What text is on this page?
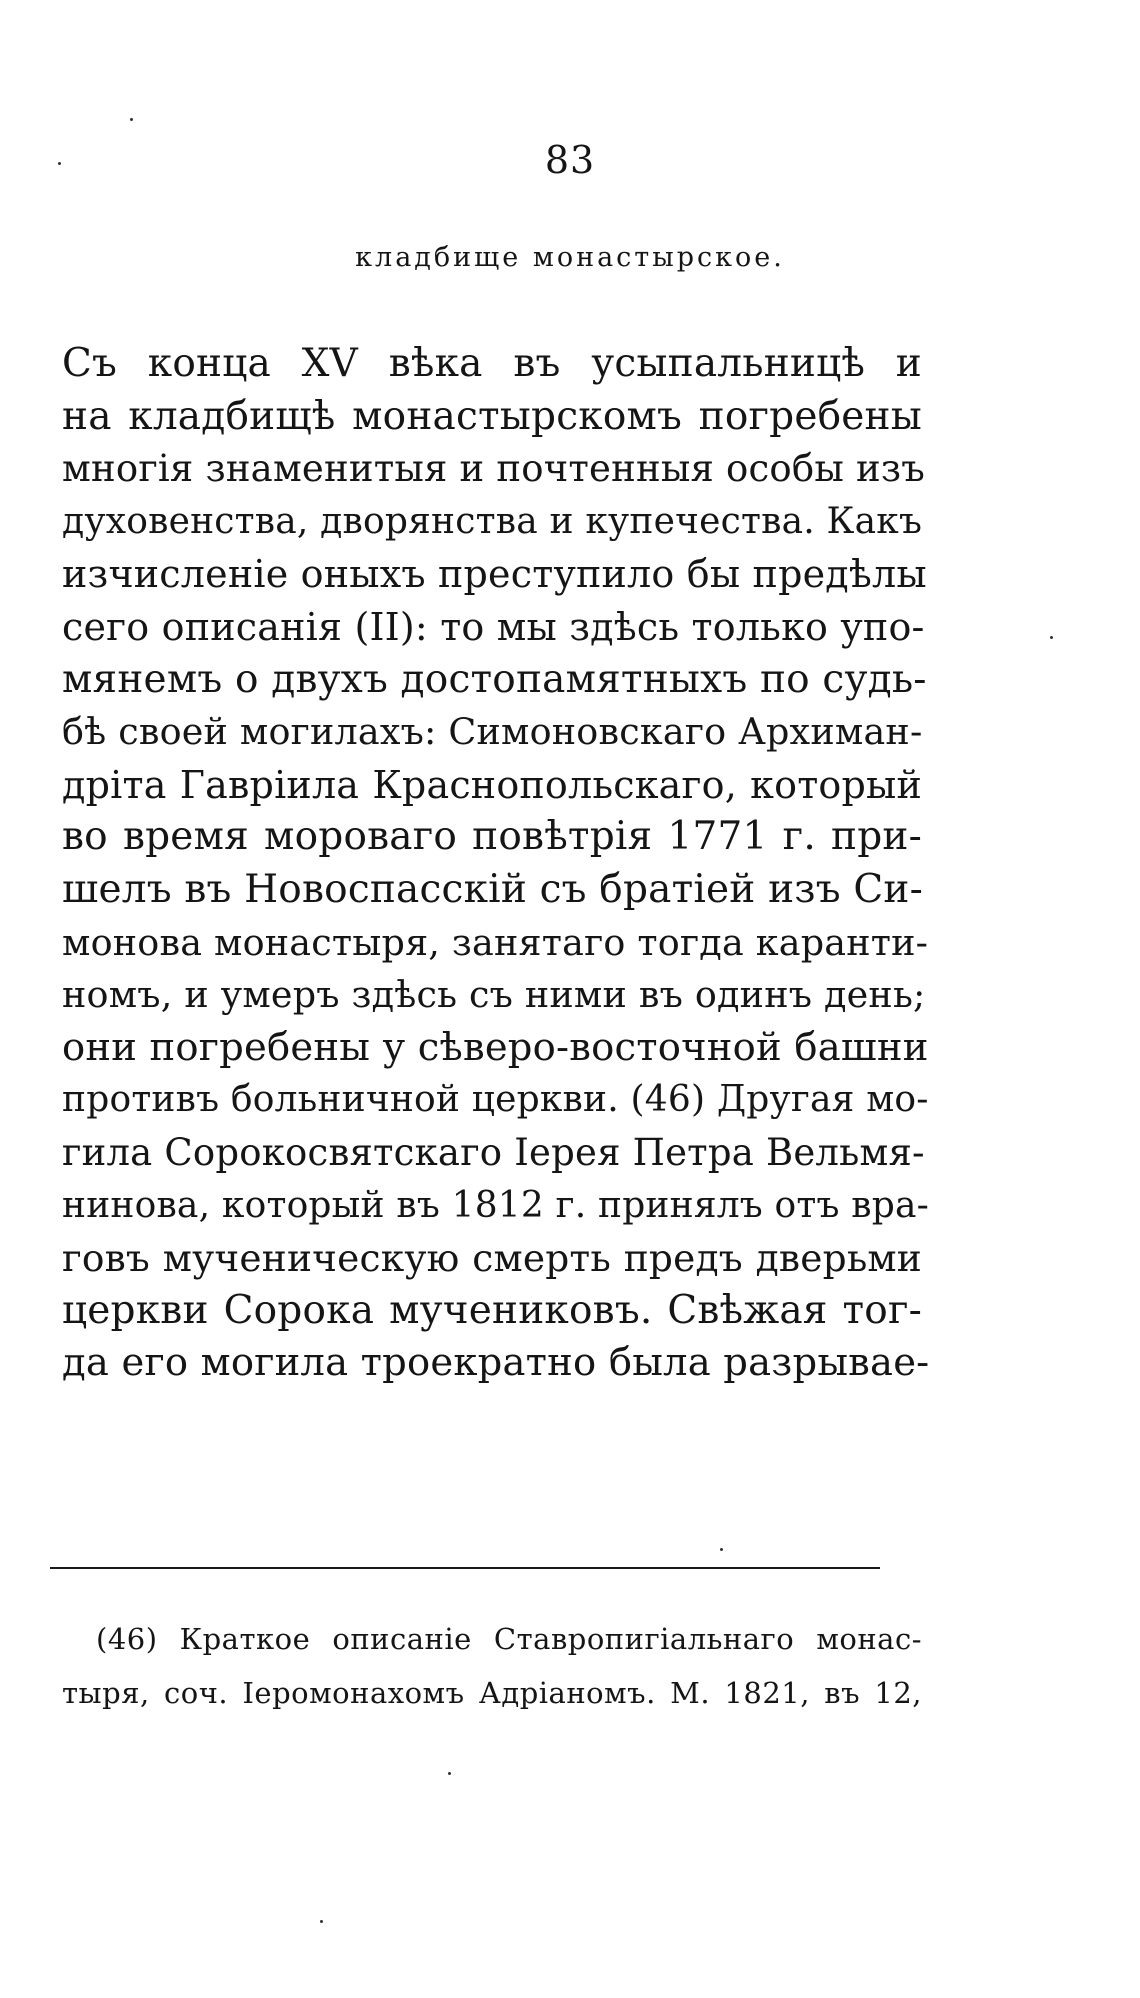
83
кладбище монастырское.
Съ конца XV вѣка въ усыпальницѣ и
на кладбищѣ монастырскомъ погребены
многія знаменитыя и почтенныя особы изъ
духовенства, дворянства и купечества. Какъ
изчисленіе оныхъ преступило бы предѣлы
сего описанія (II): то мы здѣсь только упо-
мянемъ о двухъ достопамятныхъ по судь-
бѣ своей могилахъ: Симоновскаго Архиман-
дріта Гавріила Краснопольскаго, который
во время моровагo повѣтрія 1771 г. при-
шелъ въ Новоспасскій съ братіей изъ Си-
монова монастыря, занятаго тогда каранти-
номъ, и умеръ здѣсь съ ними въ одинъ день;
они погребены у сѣверо-восточной башни
противъ больничной церкви. (46) Другая мо-
гила Сорокосвятскаго Іерея Петра Вельмя-
нинова, который въ 1812 г. принялъ отъ вра-
говъ мученическую смерть предъ дверьми
церкви Сорока мучениковъ. Свѣжая тог-
да его могила троекратно была разрывае-
(46) Краткое описаніе Ставропигіальнаго монас-
тыря, соч. Іеромонахомъ Адріаномъ. М. 1821, въ 12,
